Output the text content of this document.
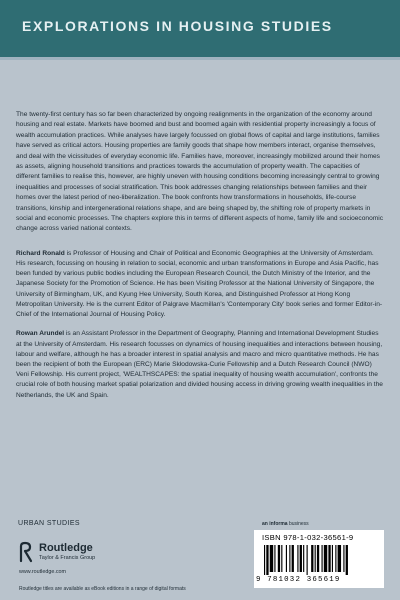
EXPLORATIONS IN HOUSING STUDIES

The twenty-first century has so far been characterized by ongoing realignments in the organization of the economy around housing and real estate. Markets have boomed and bust and boomed again with residential property increasingly a focus of wealth accumulation practices. While analyses have largely focussed on global flows of capital and large institutions, families have served as critical actors. Housing properties are family goods that shape how members interact, organise themselves, and deal with the vicissitudes of everyday economic life. Families have, moreover, increasingly mobilized around their homes as assets, aligning household transitions and practices towards the accumulation of property wealth. The capacities of different families to realise this, however, are highly uneven with housing conditions becoming increasingly central to growing inequalities and processes of social stratification. This book addresses changing relationships between families and their homes over the latest period of neo-liberalization. The book confronts how transformations in households, life-course transitions, kinship and intergenerational relations shape, and are being shaped by, the shifting role of property markets in social and economic processes. The chapters explore this in terms of different aspects of home, family life and socioeconomic change across varied national contexts.

Richard Ronald is Professor of Housing and Chair of Political and Economic Geographies at the University of Amsterdam. His research, focussing on housing in relation to social, economic and urban transformations in Europe and Asia Pacific, has been funded by various public bodies including the European Research Council, the Dutch Ministry of the Interior, and the Japanese Society for the Promotion of Science. He has been Visiting Professor at the National University of Singapore, the University of Birmingham, UK, and Kyung Hee University, South Korea, and Distinguished Professor at Hong Kong Metropolitan University. He is the current Editor of Palgrave Macmillan's 'Contemporary City' book series and former Editor-in-Chief of the International Journal of Housing Policy.

Rowan Arundel is an Assistant Professor in the Department of Geography, Planning and International Development Studies at the University of Amsterdam. His research focusses on dynamics of housing inequalities and interactions between housing, labour and welfare, although he has a broader interest in spatial analysis and macro and micro quantitative methods. He has been the recipient of both the European (ERC) Marie Skłodowska-Curie Fellowship and a Dutch Research Council (NWO) Veni Fellowship. His current project, 'WEALTHSCAPES: the spatial inequality of housing wealth accumulation', confronts the crucial role of both housing market spatial polarization and divided housing access in driving growing wealth inequalities in the Netherlands, the UK and Spain.

URBAN STUDIES
Routledge
Taylor & Francis Group
www.routledge.com
Routledge titles are available as eBook editions in a range of digital formats
an informa business
ISBN 978-1-032-36561-9
9 781032 365619
